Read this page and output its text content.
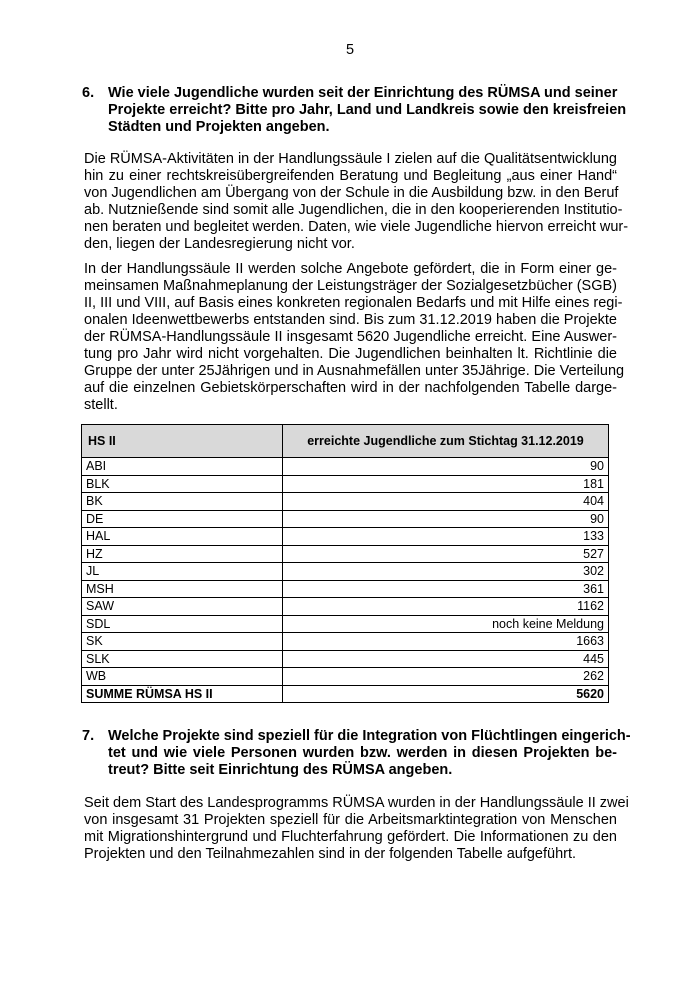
5
6. Wie viele Jugendliche wurden seit der Einrichtung des RÜMSA und seiner
Projekte erreicht? Bitte pro Jahr, Land und Landkreis sowie den kreisfreien
Städten und Projekten angeben.
Die RÜMSA-Aktivitäten in der Handlungssäule I zielen auf die Qualitätsentwicklung
hin zu einer rechtskreisübergreifenden Beratung und Begleitung „aus einer Hand“
von Jugendlichen am Übergang von der Schule in die Ausbildung bzw. in den Beruf
ab. Nutznießende sind somit alle Jugendlichen, die in den kooperierenden Institutio-
nen beraten und begleitet werden. Daten, wie viele Jugendliche hiervon erreicht wur-
den, liegen der Landesregierung nicht vor.
In der Handlungssäule II werden solche Angebote gefördert, die in Form einer ge-
meinsamen Maßnahmeplanung der Leistungsträger der Sozialgesetzbücher (SGB)
II, III und VIII, auf Basis eines konkreten regionalen Bedarfs und mit Hilfe eines regi-
onalen Ideenwettbewerbs entstanden sind. Bis zum 31.12.2019 haben die Projekte
der RÜMSA-Handlungssäule II insgesamt 5620 Jugendliche erreicht. Eine Auswer-
tung pro Jahr wird nicht vorgehalten. Die Jugendlichen beinhalten lt. Richtlinie die
Gruppe der unter 25Jährigen und in Ausnahmefällen unter 35Jährige. Die Verteilung
auf die einzelnen Gebietskörperschaften wird in der nachfolgenden Tabelle darge-
stellt.
HS II	erreichte Jugendliche zum Stichtag 31.12.2019
ABI	90
BLK	181
BK	404
DE	90
HAL	133
HZ	527
JL	302
MSH	361
SAW	1162
SDL	noch keine Meldung
SK	1663
SLK	445
WB	262
SUMME RÜMSA HS II	5620
7. Welche Projekte sind speziell für die Integration von Flüchtlingen eingerich-
tet und wie viele Personen wurden bzw. werden in diesen Projekten be-
treut? Bitte seit Einrichtung des RÜMSA angeben.
Seit dem Start des Landesprogramms RÜMSA wurden in der Handlungssäule II zwei
von insgesamt 31 Projekten speziell für die Arbeitsmarktintegration von Menschen
mit Migrationshintergrund und Fluchterfahrung gefördert. Die Informationen zu den
Projekten und den Teilnahmezahlen sind in der folgenden Tabelle aufgeführt.
